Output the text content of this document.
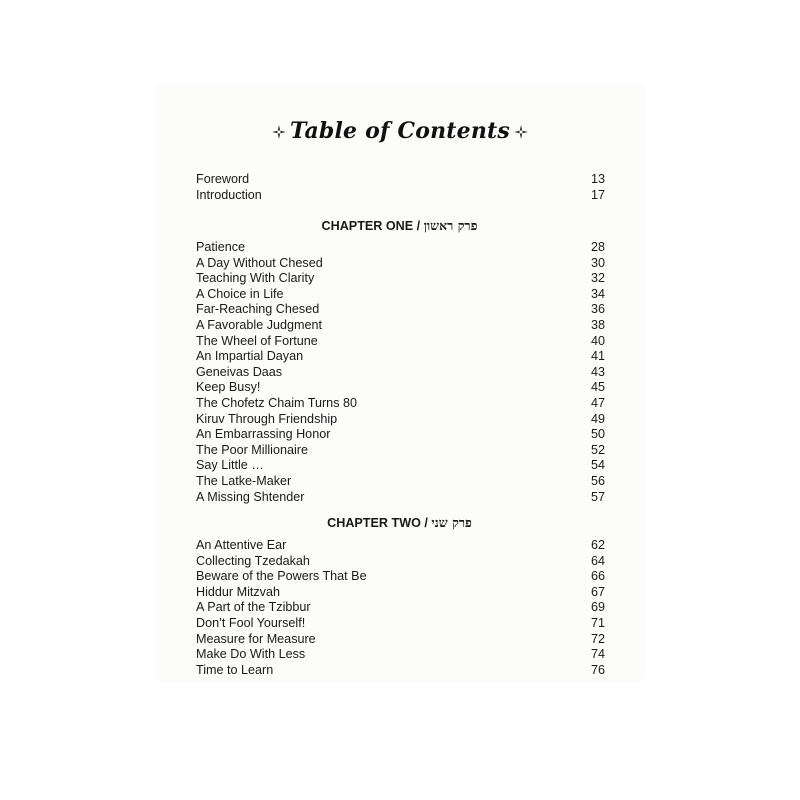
Table of Contents
Foreword	13
Introduction	17
CHAPTER ONE / פרק ראשון
Patience	28
A Day Without Chesed	30
Teaching With Clarity	32
A Choice in Life	34
Far-Reaching Chesed	36
A Favorable Judgment	38
The Wheel of Fortune	40
An Impartial Dayan	41
Geneivas Daas	43
Keep Busy!	45
The Chofetz Chaim Turns 80	47
Kiruv Through Friendship	49
An Embarrassing Honor	50
The Poor Millionaire	52
Say Little …	54
The Latke-Maker	56
A Missing Shtender	57
CHAPTER TWO / פרק שני
An Attentive Ear	62
Collecting Tzedakah	64
Beware of the Powers That Be	66
Hiddur Mitzvah	67
A Part of the Tzibbur	69
Don’t Fool Yourself!	71
Measure for Measure	72
Make Do With Less	74
Time to Learn	76
